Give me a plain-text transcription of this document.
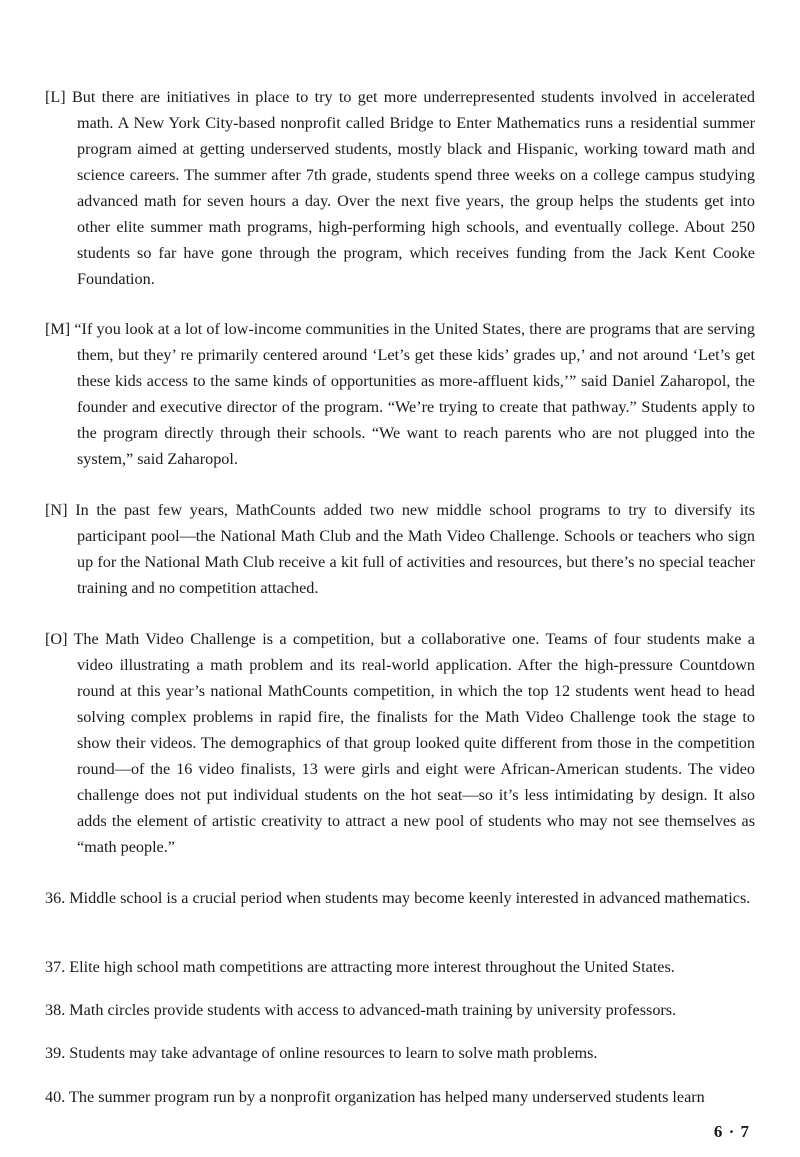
[L] But there are initiatives in place to try to get more underrepresented students involved in accelerated math. A New York City-based nonprofit called Bridge to Enter Mathematics runs a residential summer program aimed at getting underserved students, mostly black and Hispanic, working toward math and science careers. The summer after 7th grade, students spend three weeks on a college campus studying advanced math for seven hours a day. Over the next five years, the group helps the students get into other elite summer math programs, high-performing high schools, and eventually college. About 250 students so far have gone through the program, which receives funding from the Jack Kent Cooke Foundation.

[M] “If you look at a lot of low-income communities in the United States, there are programs that are serving them, but they’ re primarily centered around ‘Let’s get these kids’ grades up,’ and not around ‘Let’s get these kids access to the same kinds of opportunities as more-affluent kids,’” said Daniel Zaharopol, the founder and executive director of the program. “We’re trying to create that pathway.” Students apply to the program directly through their schools. “We want to reach parents who are not plugged into the system,” said Zaharopol.

[N] In the past few years, MathCounts added two new middle school programs to try to diversify its participant pool—the National Math Club and the Math Video Challenge. Schools or teachers who sign up for the National Math Club receive a kit full of activities and resources, but there’s no special teacher training and no competition attached.

[O] The Math Video Challenge is a competition, but a collaborative one. Teams of four students make a video illustrating a math problem and its real-world application. After the high-pressure Countdown round at this year’s national MathCounts competition, in which the top 12 students went head to head solving complex problems in rapid fire, the finalists for the Math Video Challenge took the stage to show their videos. The demographics of that group looked quite different from those in the competition round—of the 16 video finalists, 13 were girls and eight were African-American students. The video challenge does not put individual students on the hot seat—so it’s less intimidating by design. It also adds the element of artistic creativity to attract a new pool of students who may not see themselves as “math people.”

36. Middle school is a crucial period when students may become keenly interested in advanced mathematics.

37. Elite high school math competitions are attracting more interest throughout the United States.

38. Math circles provide students with access to advanced-math training by university professors.

39. Students may take advantage of online resources to learn to solve math problems.

40. The summer program run by a nonprofit organization has helped many underserved students learn

6 · 7
